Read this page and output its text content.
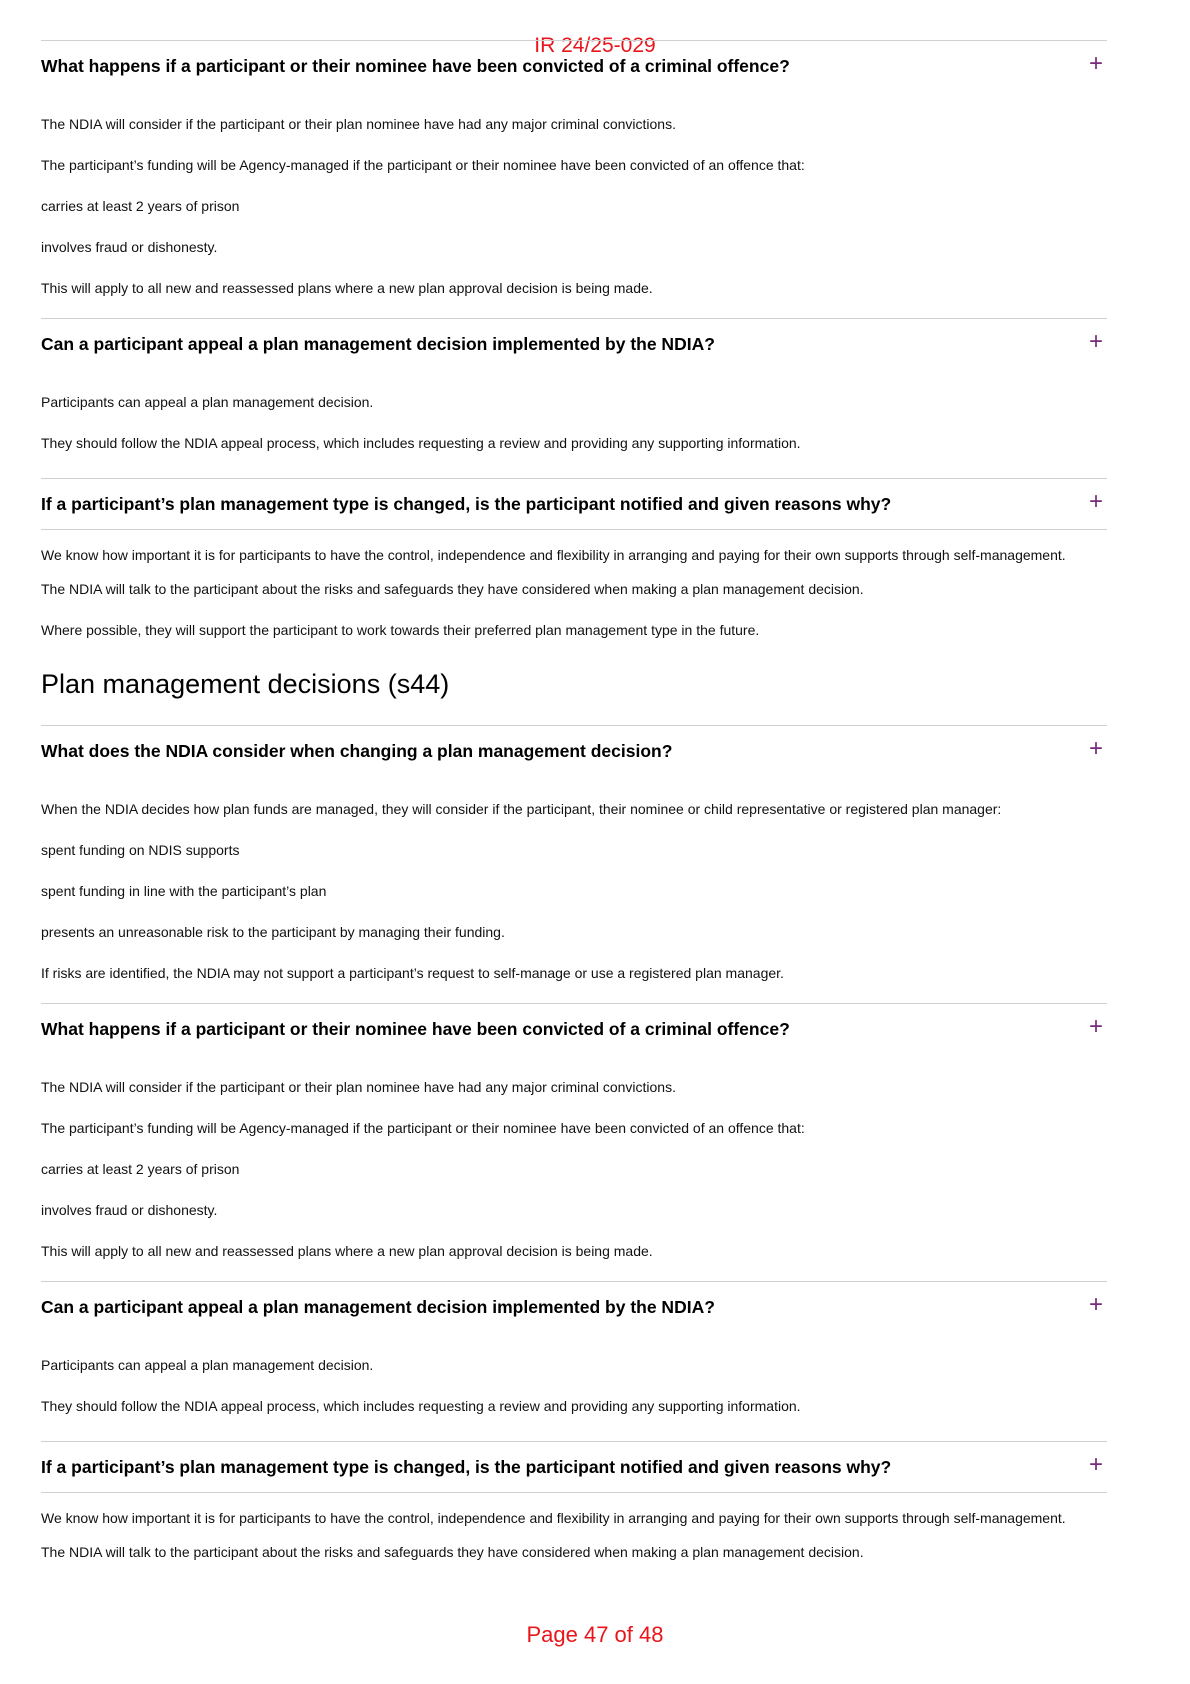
IR 24/25-029
What happens if a participant or their nominee have been convicted of a criminal offence?	+

The NDIA will consider if the participant or their plan nominee have had any major criminal convictions.

The participant’s funding will be Agency-managed if the participant or their nominee have been convicted of an offence that:

carries at least 2 years of prison

involves fraud or dishonesty.

This will apply to all new and reassessed plans where a new plan approval decision is being made.

Can a participant appeal a plan management decision implemented by the NDIA?	+

Participants can appeal a plan management decision.

They should follow the NDIA appeal process, which includes requesting a review and providing any supporting information.

If a participant’s plan management type is changed, is the participant notified and given reasons why?	+

We know how important it is for participants to have the control, independence and flexibility in arranging and paying for their own supports through self-management.

The NDIA will talk to the participant about the risks and safeguards they have considered when making a plan management decision.

Where possible, they will support the participant to work towards their preferred plan management type in the future.

Plan management decisions (s44)
What does the NDIA consider when changing a plan management decision?	+

When the NDIA decides how plan funds are managed, they will consider if the participant, their nominee or child representative or registered plan manager:

spent funding on NDIS supports

spent funding in line with the participant’s plan

presents an unreasonable risk to the participant by managing their funding.

If risks are identified, the NDIA may not support a participant’s request to self-manage or use a registered plan manager.

What happens if a participant or their nominee have been convicted of a criminal offence?	+

The NDIA will consider if the participant or their plan nominee have had any major criminal convictions.

The participant’s funding will be Agency-managed if the participant or their nominee have been convicted of an offence that:

carries at least 2 years of prison

involves fraud or dishonesty.

This will apply to all new and reassessed plans where a new plan approval decision is being made.

Can a participant appeal a plan management decision implemented by the NDIA?	+

Participants can appeal a plan management decision.

They should follow the NDIA appeal process, which includes requesting a review and providing any supporting information.

If a participant’s plan management type is changed, is the participant notified and given reasons why?	+

We know how important it is for participants to have the control, independence and flexibility in arranging and paying for their own supports through self-management.

The NDIA will talk to the participant about the risks and safeguards they have considered when making a plan management decision.

Page 47 of 48
